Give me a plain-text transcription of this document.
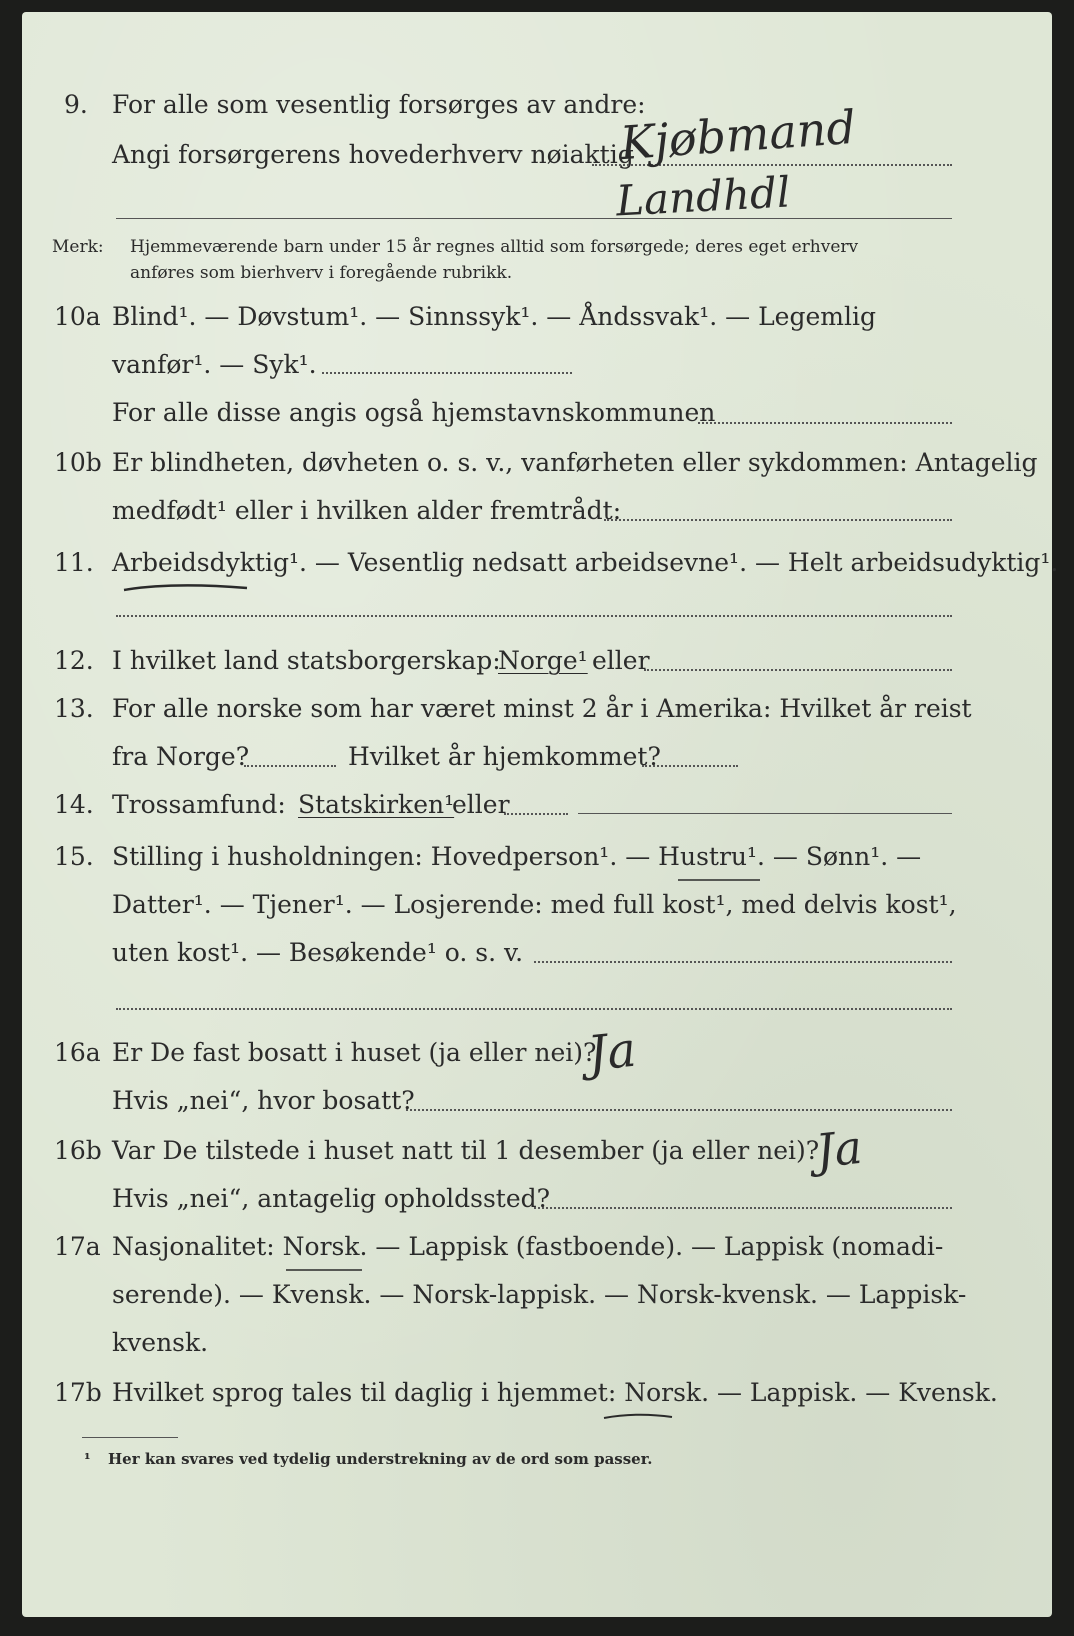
9. For alle som vesentlig forsørges av andre:
Angi forsørgerens hovederhverv nøiaktig
Kjøbmand
Landhdl
Merk: Hjemmeværende barn under 15 år regnes alltid som forsørgede; deres eget erhverv
anføres som bierhverv i foregående rubrikk.
10a Blind¹. — Døvstum¹. — Sinnssyk¹. — Åndssvak¹. — Legemlig
vanfør¹. — Syk¹.
For alle disse angis også hjemstavnskommunen
10b Er blindheten, døvheten o. s. v., vanførheten eller sykdommen: Antagelig
medfødt¹ eller i hvilken alder fremtrådt:
11. Arbeidsdyktig¹. — Vesentlig nedsatt arbeidsevne¹. — Helt arbeidsudyktig¹.
12. I hvilket land statsborgerskap:
Norge¹ eller
13. For alle norske som har været minst 2 år i Amerika: Hvilket år reist
fra Norge?	Hvilket år hjemkommet?
14. Trossamfund: Statskirken¹
eller
15. Stilling i husholdningen: Hovedperson¹. — Hustru¹. — Sønn¹. —
Datter¹. — Tjener¹. — Losjerende: med full kost¹, med delvis kost¹,
uten kost¹. — Besøkende¹ o. s. v.
16a Er De fast bosatt i huset (ja eller nei)?
Ja
Hvis „nei“, hvor bosatt?
16b Var De tilstede i huset natt til 1 desember (ja eller nei)?
Ja
Hvis „nei“, antagelig opholdssted?
17a Nasjonalitet: Norsk. — Lappisk (fastboende). — Lappisk (nomadi-
serende). — Kvensk. — Norsk-lappisk. — Norsk-kvensk. — Lappisk-
kvensk.
17b Hvilket sprog tales til daglig i hjemmet: Norsk. — Lappisk. — Kvensk.
¹ Her kan svares ved tydelig understrekning av de ord som passer.
